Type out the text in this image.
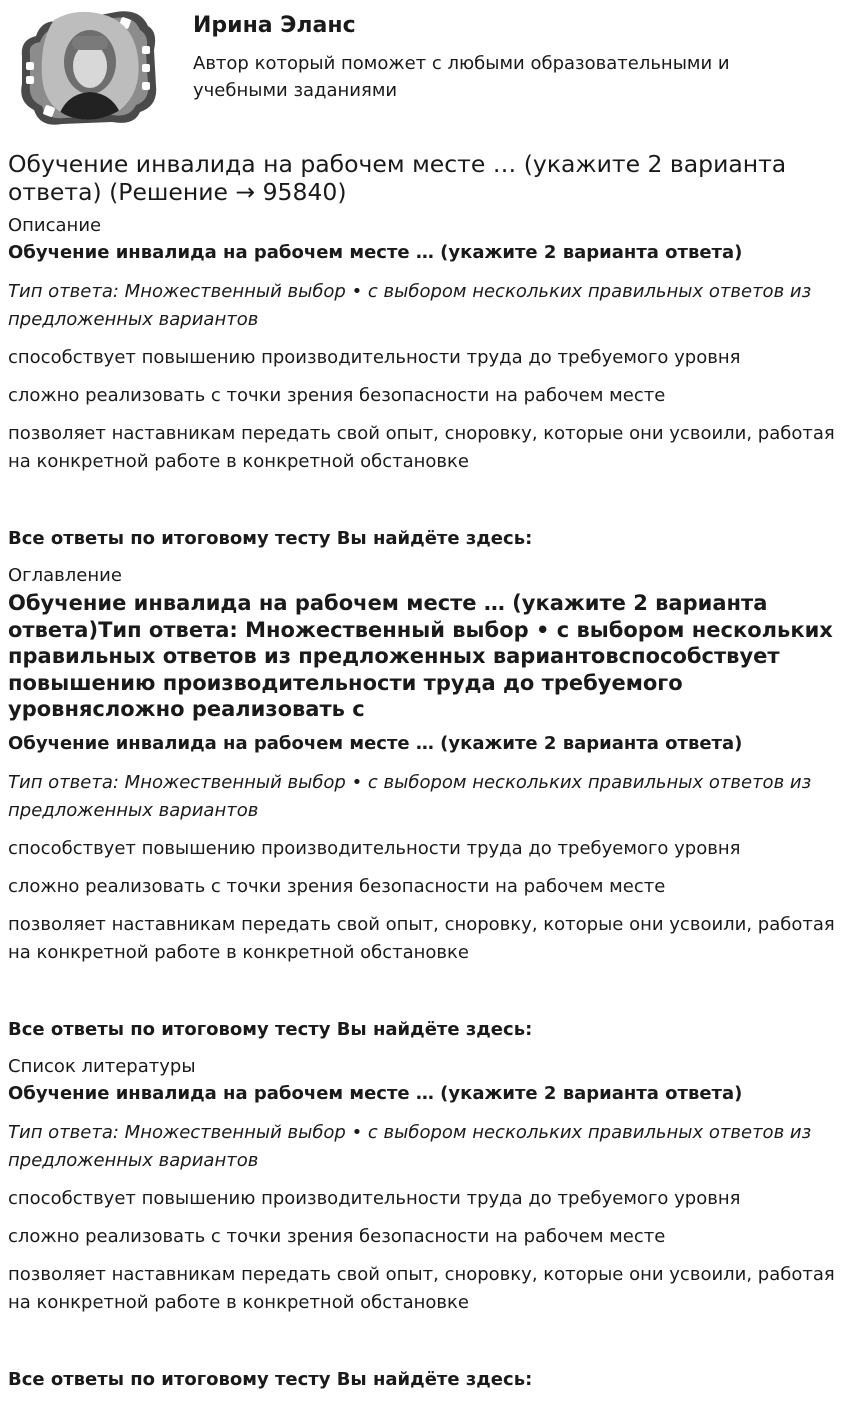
Ирина Эланс

Автор который поможет с любыми образовательными и учебными заданиями

Обучение инвалида на рабочем месте … (укажите 2 варианта ответа) (Решение → 95840)

Описание

Обучение инвалида на рабочем месте … (укажите 2 варианта ответа)

Тип ответа: Множественный выбор • с выбором нескольких правильных ответов из предложенных вариантов

способствует повышению производительности труда до требуемого уровня

сложно реализовать с точки зрения безопасности на рабочем месте

позволяет наставникам передать свой опыт, сноровку, которые они усвоили, работая на конкретной работе в конкретной обстановке

Все ответы по итоговому тесту Вы найдёте здесь:

Оглавление

Обучение инвалида на рабочем месте … (укажите 2 варианта ответа)Тип ответа: Множественный выбор • с выбором нескольких правильных ответов из предложенных вариантовспособствует повышению производительности труда до требуемого уровнясложно реализовать с

Обучение инвалида на рабочем месте … (укажите 2 варианта ответа)

Тип ответа: Множественный выбор • с выбором нескольких правильных ответов из предложенных вариантов

способствует повышению производительности труда до требуемого уровня

сложно реализовать с точки зрения безопасности на рабочем месте

позволяет наставникам передать свой опыт, сноровку, которые они усвоили, работая на конкретной работе в конкретной обстановке

Все ответы по итоговому тесту Вы найдёте здесь:

Список литературы

Обучение инвалида на рабочем месте … (укажите 2 варианта ответа)

Тип ответа: Множественный выбор • с выбором нескольких правильных ответов из предложенных вариантов

способствует повышению производительности труда до требуемого уровня

сложно реализовать с точки зрения безопасности на рабочем месте

позволяет наставникам передать свой опыт, сноровку, которые они усвоили, работая на конкретной работе в конкретной обстановке

Все ответы по итоговому тесту Вы найдёте здесь:
